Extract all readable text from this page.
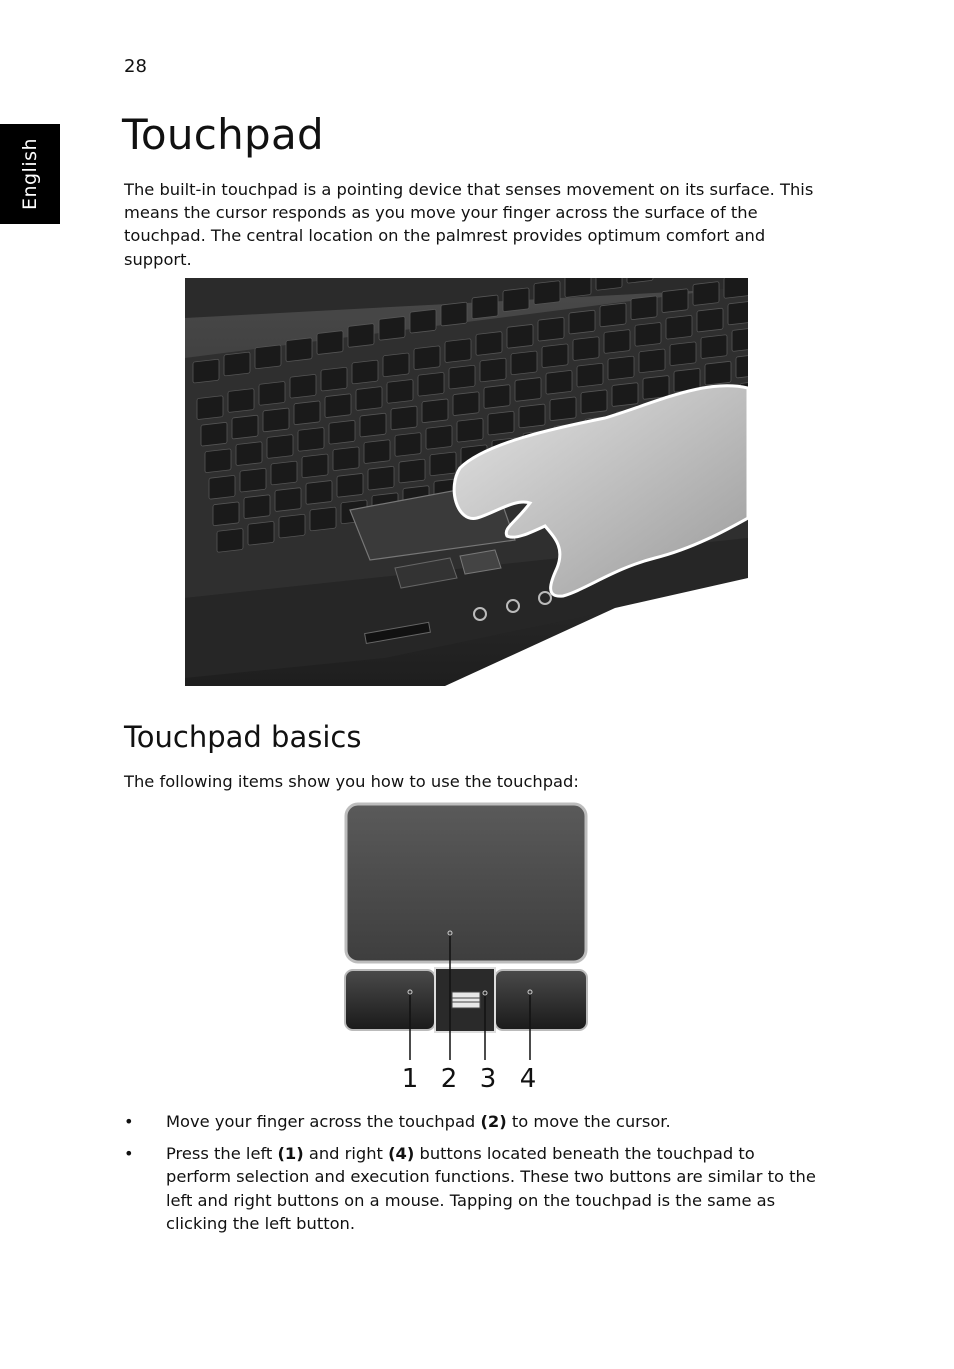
28
English
Touchpad

The built-in touchpad is a pointing device that senses movement on its surface. This means the cursor responds as you move your finger across the surface of the touchpad. The central location on the palmrest provides optimum comfort and support.

Touchpad basics

The following items show you how to use the touchpad:

1 2 3 4
• Move your finger across the touchpad (2) to move the cursor.
• Press the left (1) and right (4) buttons located beneath the touchpad to perform selection and execution functions. These two buttons are similar to the left and right buttons on a mouse. Tapping on the touchpad is the same as clicking the left button.
